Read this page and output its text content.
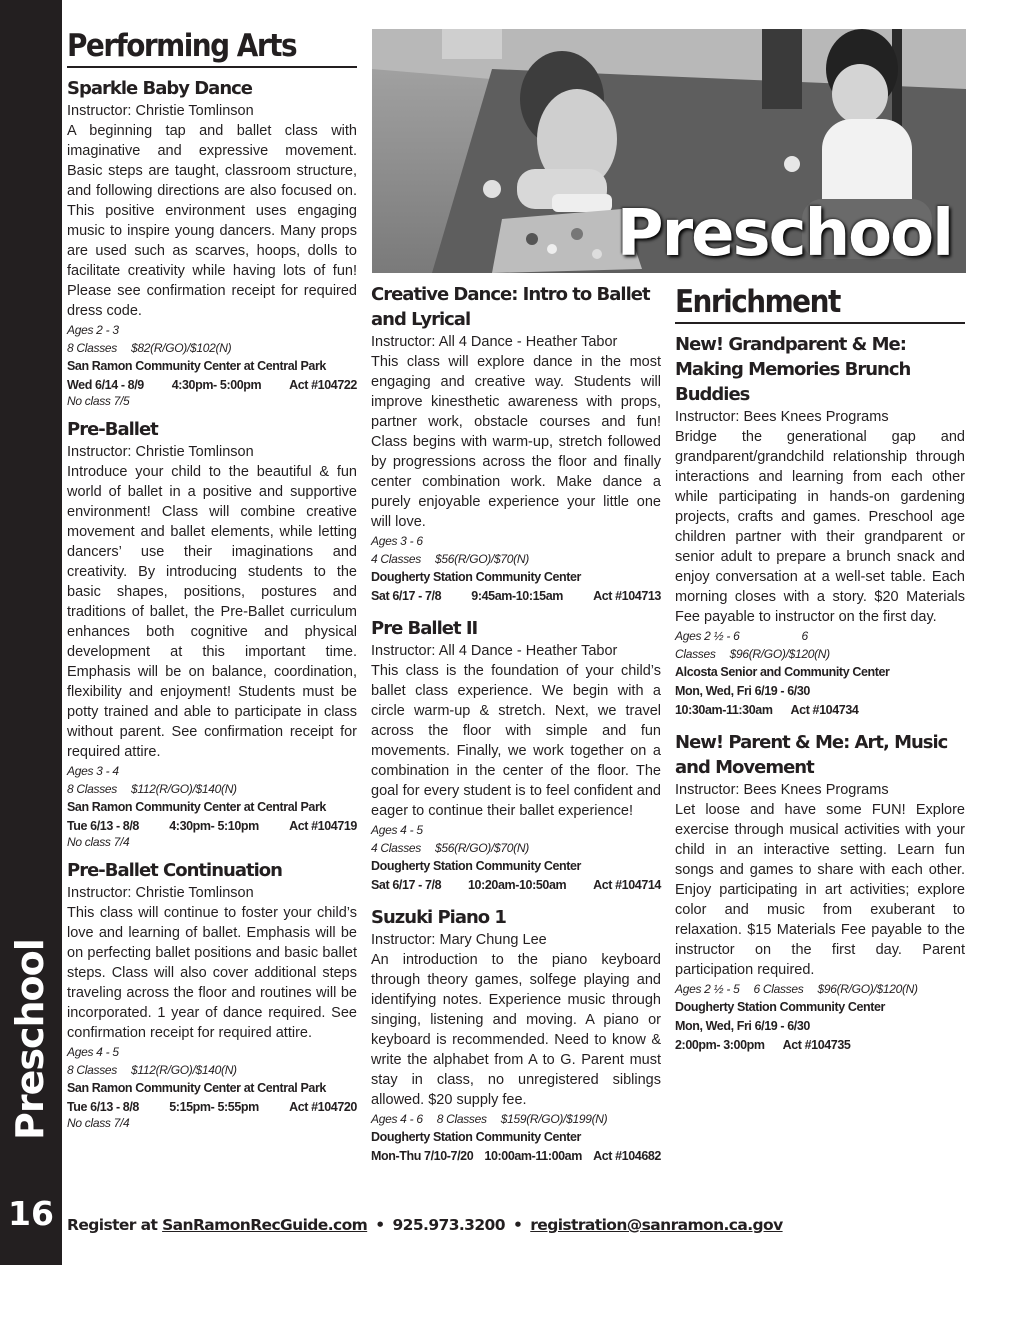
Preschool
16
Performing Arts
Sparkle Baby Dance
Instructor: Christie Tomlinson
A beginning tap and ballet class with imaginative and expressive movement. Basic steps are taught, classroom structure, and following directions are also focused on. This positive environment uses engaging music to inspire young dancers. Many props are used such as scarves, hoops, dolls to facilitate creativity while having lots of fun! Please see confirmation receipt for required dress code.
Ages 2 - 3
8 Classes $82(R/GO)/$102(N)
San Ramon Community Center at Central Park
Wed 6/14 - 8/9 4:30pm- 5:00pm Act #104722
No class 7/5
Pre-Ballet
Instructor: Christie Tomlinson
Introduce your child to the beautiful & fun world of ballet in a positive and supportive environment! Class will combine creative movement and ballet elements, while letting dancers’ use their imaginations and creativity. By introducing students to the basic shapes, positions, postures and traditions of ballet, the Pre-Ballet curriculum enhances both cognitive and physical development at this important time. Emphasis will be on balance, coordination, flexibility and enjoyment! Students must be potty trained and able to participate in class without parent. See confirmation receipt for required attire.
Ages 3 - 4
8 Classes $112(R/GO)/$140(N)
San Ramon Community Center at Central Park
Tue 6/13 - 8/8 4:30pm- 5:10pm Act #104719
No class 7/4
Pre-Ballet Continuation
Instructor: Christie Tomlinson
This class will continue to foster your child’s love and learning of ballet. Emphasis will be on perfecting ballet positions and basic ballet steps. Class will also cover additional steps traveling across the floor and routines will be incorporated. 1 year of dance required. See confirmation receipt for required attire.
Ages 4 - 5
8 Classes $112(R/GO)/$140(N)
San Ramon Community Center at Central Park
Tue 6/13 - 8/8 5:15pm- 5:55pm Act #104720
No class 7/4
Preschool
Creative Dance: Intro to Ballet and Lyrical
Instructor: All 4 Dance - Heather Tabor
This class will explore dance in the most engaging and creative way. Students will improve kinesthetic awareness with props, partner work, obstacle courses and fun! Class begins with warm-up, stretch followed by progressions across the floor and finally center combination work. Make dance a purely enjoyable experience your little one will love.
Ages 3 - 6
4 Classes $56(R/GO)/$70(N)
Dougherty Station Community Center
Sat 6/17 - 7/8 9:45am-10:15am Act #104713
Pre Ballet II
Instructor: All 4 Dance - Heather Tabor
This class is the foundation of your child’s ballet class experience. We begin with a circle warm-up & stretch. Next, we travel across the floor with simple and fun movements. Finally, we work together on a combination in the center of the floor. The goal for every student is to feel confident and eager to continue their ballet experience!
Ages 4 - 5
4 Classes $56(R/GO)/$70(N)
Dougherty Station Community Center
Sat 6/17 - 7/8 10:20am-10:50am Act #104714
Suzuki Piano 1
Instructor: Mary Chung Lee
An introduction to the piano keyboard through theory games, solfege playing and identifying notes. Experience music through singing, listening and moving. A piano or keyboard is recommended. Need to know & write the alphabet from A to G. Parent must stay in class, no unregistered siblings allowed. $20 supply fee.
Ages 4 - 6 8 Classes $159(R/GO)/$199(N)
Dougherty Station Community Center
Mon-Thu 7/10-7/20 10:00am-11:00am Act #104682
Enrichment
New! Grandparent & Me: Making Memories Brunch Buddies
Instructor: Bees Knees Programs
Bridge the generational gap and grandparent/grandchild relationship through interactions and learning from each other while participating in hands-on gardening projects, crafts and games. Preschool age children partner with their grandparent or senior adult to prepare a brunch snack and enjoy conversation at a well-set table. Each morning closes with a story. $20 Materials Fee payable to instructor on the first day.
Ages 2 ½ - 6	6 Classes $96(R/GO)/$120(N)
Alcosta Senior and Community Center
Mon, Wed, Fri 6/19 - 6/30
10:30am-11:30am Act #104734
New! Parent & Me: Art, Music and Movement
Instructor: Bees Knees Programs
Let loose and have some FUN! Explore exercise through musical activities with your child in an interactive setting. Learn fun songs and games to share with each other. Enjoy participating in art activities; explore color and music from exuberant to relaxation. $15 Materials Fee payable to the instructor on the first day. Parent participation required.
Ages 2 ½ - 5 6 Classes $96(R/GO)/$120(N)
Dougherty Station Community Center
Mon, Wed, Fri 6/19 - 6/30
2:00pm- 3:00pm Act #104735
Register at SanRamonRecGuide.com • 925.973.3200 • registration@sanramon.ca.gov
